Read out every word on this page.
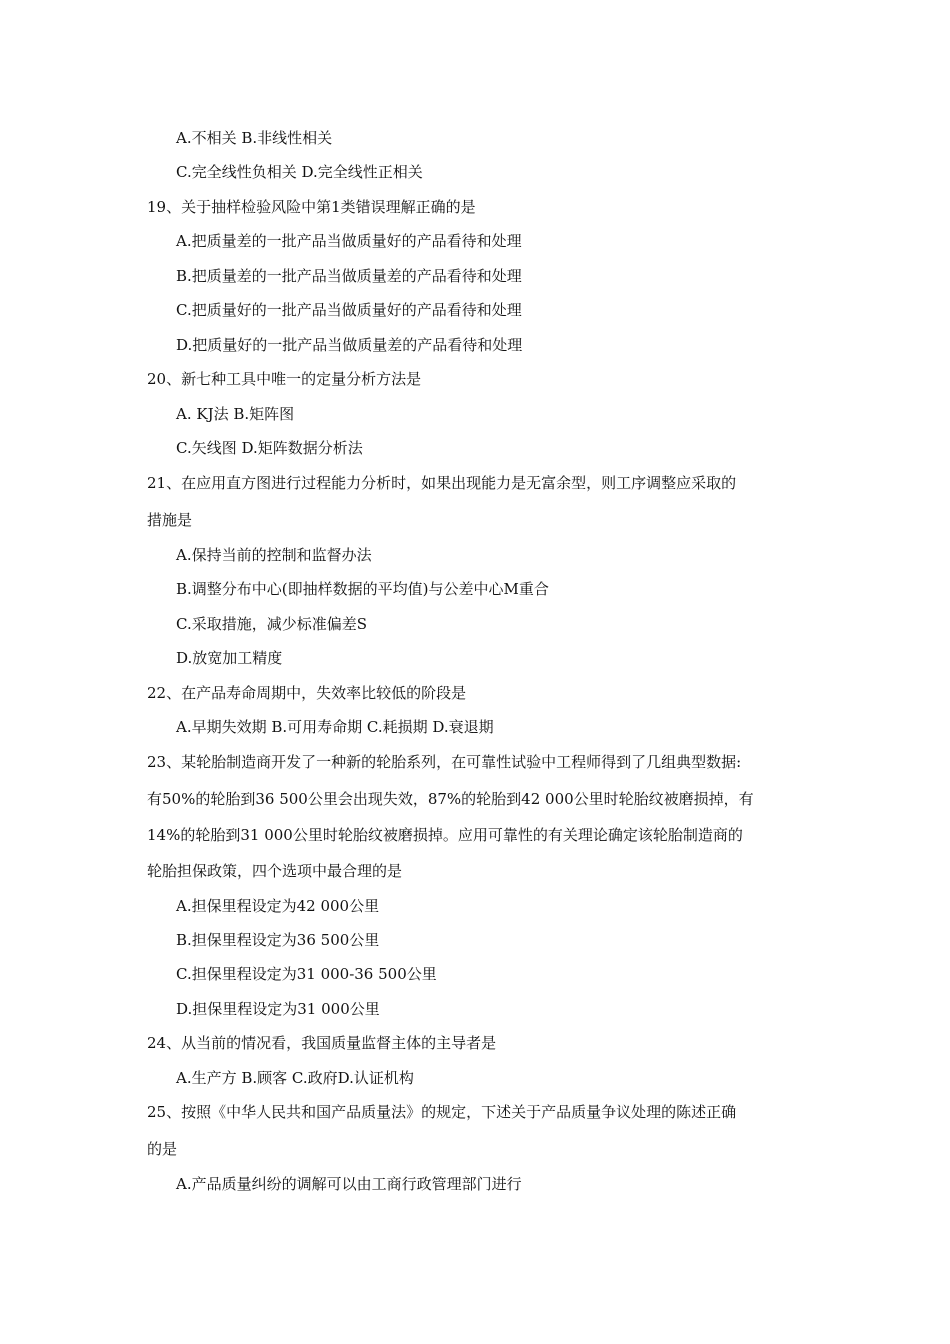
A.不相关 B.非线性相关
C.完全线性负相关 D.完全线性正相关
19、关于抽样检验风险中第1类错误理解正确的是
A.把质量差的一批产品当做质量好的产品看待和处理
B.把质量差的一批产品当做质量差的产品看待和处理
C.把质量好的一批产品当做质量好的产品看待和处理
D.把质量好的一批产品当做质量差的产品看待和处理
20、新七种工具中唯一的定量分析方法是
A. KJ法 B.矩阵图
C.矢线图 D.矩阵数据分析法
21、在应用直方图进行过程能力分析时，如果出现能力是无富余型，则工序调整应采取的
措施是
A.保持当前的控制和监督办法
B.调整分布中心(即抽样数据的平均值)与公差中心M重合
C.采取措施，减少标准偏差S
D.放宽加工精度
22、在产品寿命周期中，失效率比较低的阶段是
A.早期失效期 B.可用寿命期 C.耗损期 D.衰退期
23、某轮胎制造商开发了一种新的轮胎系列，在可靠性试验中工程师得到了几组典型数据:
有50%的轮胎到36 500公里会出现失效，87%的轮胎到42 000公里时轮胎纹被磨损掉，有
14%的轮胎到31 000公里时轮胎纹被磨损掉。应用可靠性的有关理论确定该轮胎制造商的
轮胎担保政策，四个选项中最合理的是
A.担保里程设定为42 000公里
B.担保里程设定为36 500公里
C.担保里程设定为31 000-36 500公里
D.担保里程设定为31 000公里
24、从当前的情况看，我国质量监督主体的主导者是
A.生产方 B.顾客 C.政府D.认证机构
25、按照《中华人民共和国产品质量法》的规定，下述关于产品质量争议处理的陈述正确
的是
A.产品质量纠纷的调解可以由工商行政管理部门进行
